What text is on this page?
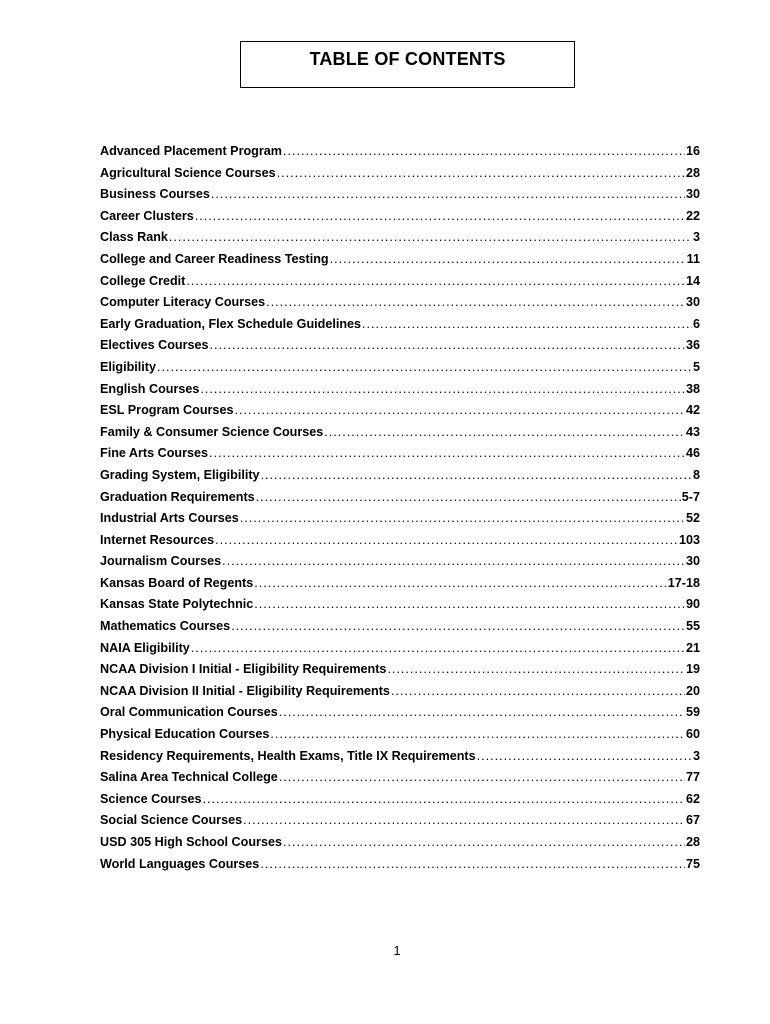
TABLE OF CONTENTS
Advanced Placement Program .....	16
Agricultural Science Courses .....	28
Business Courses .....	30
Career Clusters .....	22
Class Rank .....	3
College and Career Readiness Testing .....	11
College Credit .....	14
Computer Literacy Courses .....	30
Early Graduation, Flex Schedule Guidelines .....	6
Electives Courses .....	36
Eligibility .....	5
English Courses .....	38
ESL Program Courses .....	42
Family & Consumer Science Courses .....	43
Fine Arts Courses .....	46
Grading System, Eligibility .....	8
Graduation Requirements .....	5-7
Industrial Arts Courses .....	52
Internet Resources .....	103
Journalism Courses .....	30
Kansas Board of Regents .....	17-18
Kansas State Polytechnic .....	90
Mathematics Courses .....	55
NAIA Eligibility .....	21
NCAA Division I Initial - Eligibility Requirements .....	19
NCAA Division II Initial - Eligibility Requirements .....	20
Oral Communication Courses .....	59
Physical Education Courses .....	60
Residency Requirements, Health Exams, Title IX Requirements .....	3
Salina Area Technical College .....	77
Science Courses .....	62
Social Science Courses .....	67
USD 305 High School Courses .....	28
World Languages Courses .....	75
1
